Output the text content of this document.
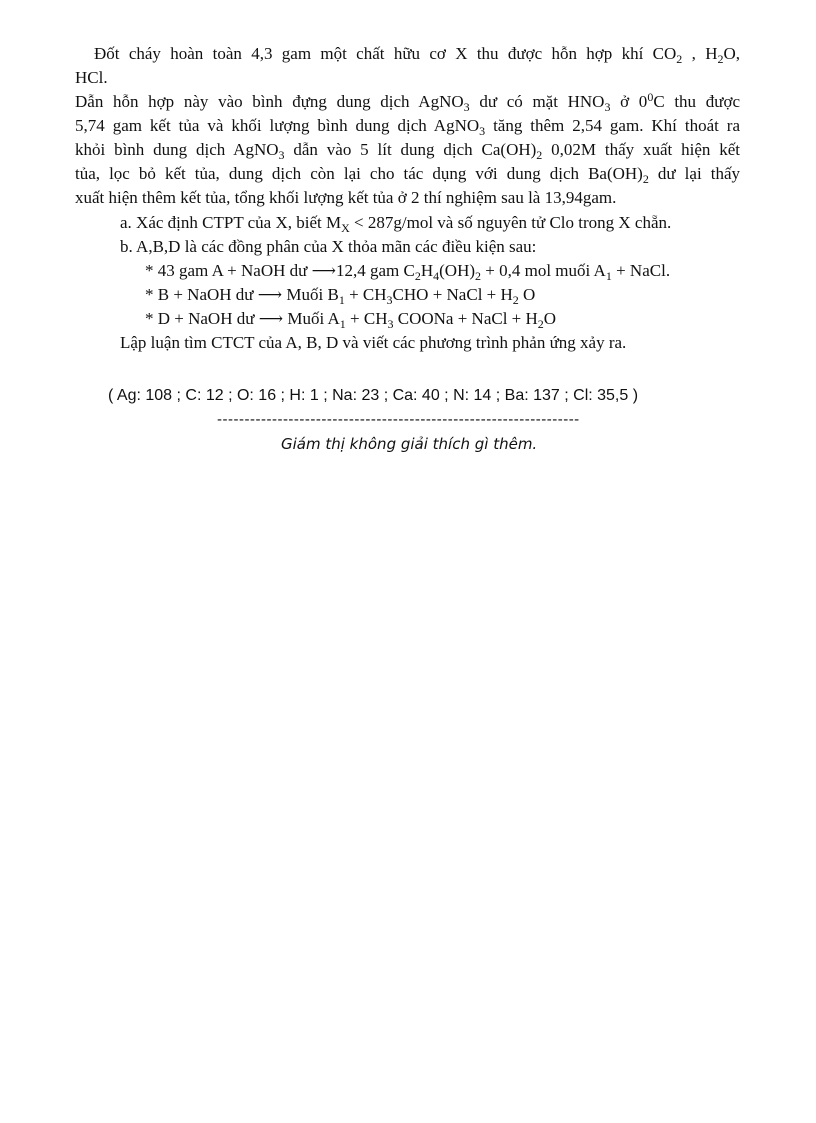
Đốt cháy hoàn toàn 4,3 gam một chất hữu cơ X thu được hỗn hợp khí $CO_2$ , $H_2O$,
HCl.
Dẫn hỗn hợp này vào bình đựng dung dịch AgNO$_3$ dư có mặt $HNO_3$ ở $0^0C$ thu được
5,74 gam kết tủa và khối lượng bình dung dịch AgNO$_3$ tăng thêm 2,54 gam. Khí thoát ra
khỏi bình dung dịch AgNO$_3$ dẫn vào 5 lít dung dịch $Ca(OH)_2$ 0,02M thấy xuất hiện kết
tủa, lọc bỏ kết tủa, dung dịch còn lại cho tác dụng với dung dịch $Ba(OH)_2$ dư lại thấy
xuất hiện thêm kết tủa, tổng khối lượng kết tủa ở 2 thí nghiệm sau là 13,94gam.
a. Xác định CTPT của X, biết $M_X < 287g/mol$ và số nguyên tử Clo trong X chẵn.
b. A,B,D là các đồng phân của X thỏa mãn các điều kiện sau:
* 43 gam A + NaOH dư ⟶12,4 gam $C_2H_4(OH)_2 + 0,4$ mol muối $A_1$ + NaCl.
* B + NaOH dư ⟶ Muối $B_1 + CH_3CHO$ + NaCl + $H_2$ O
* D + NaOH dư ⟶ Muối $A_1 + CH_3$ COONa + NaCl + $H_2O$
Lập luận tìm CTCT của A, B, D và viết các phương trình phản ứng xảy ra.
( Ag: 108 ; C: 12 ; O: 16 ; H: 1 ; Na: 23 ; Ca: 40 ; N: 14 ; Ba: 137 ; Cl: 35,5 )
------------------------------------------------------------------
Giám thị không giải thích gì thêm.
